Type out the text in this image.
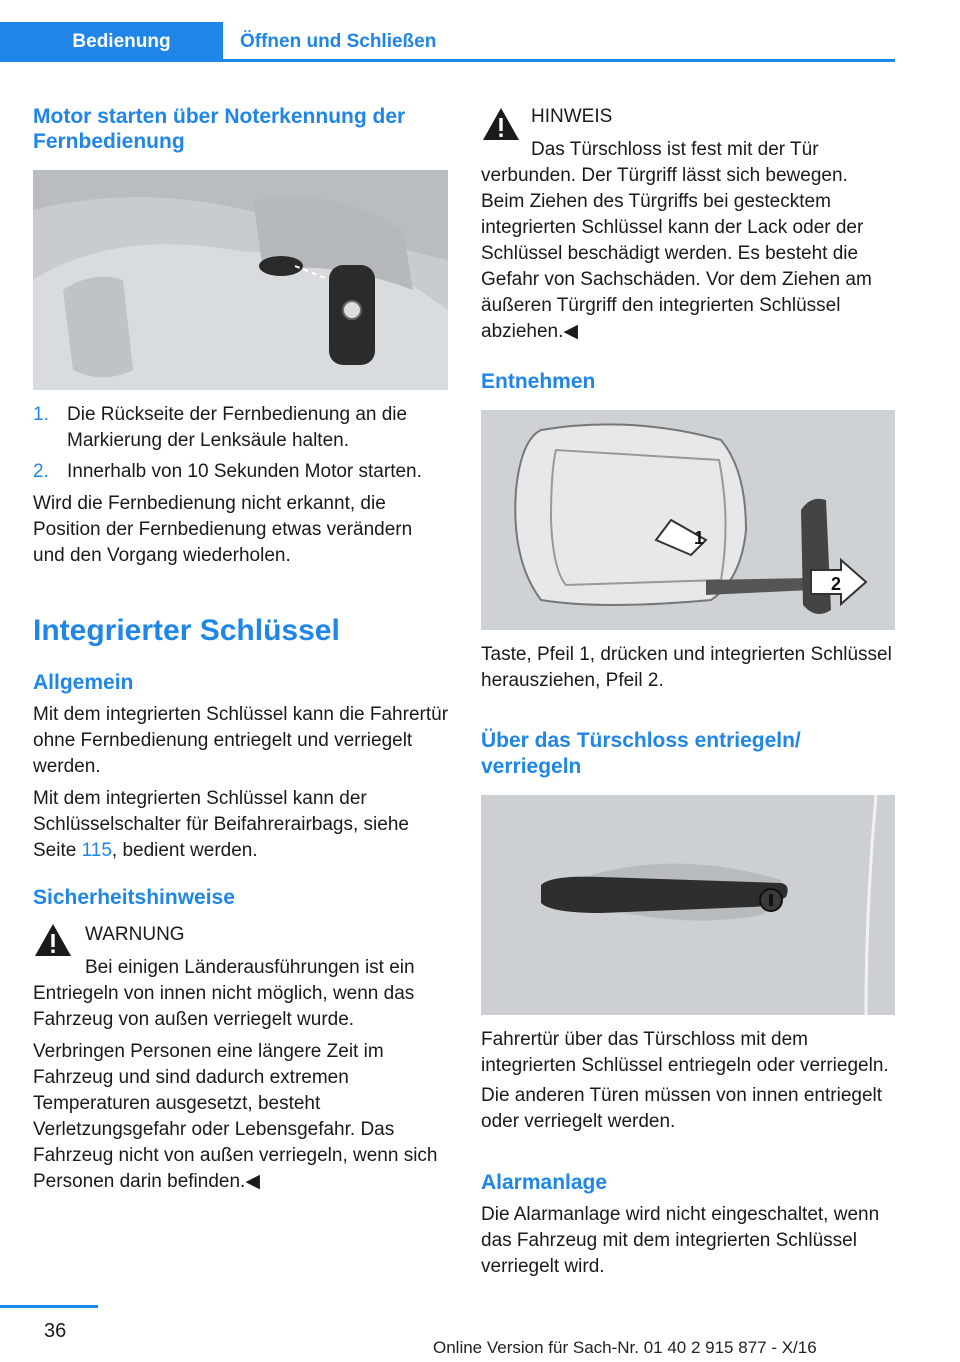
Bedienung	Öffnen und Schließen
Motor starten über Noterkennung der Fernbedienung
1. Die Rückseite der Fernbedienung an die Markierung der Lenksäule halten.
2. Innerhalb von 10 Sekunden Motor starten.

Wird die Fernbedienung nicht erkannt, die Position der Fernbedienung etwas verändern und den Vorgang wiederholen.

Integrierter Schlüssel
Allgemein

Mit dem integrierten Schlüssel kann die Fahrertür ohne Fernbedienung entriegelt und verriegelt werden.

Mit dem integrierten Schlüssel kann der Schlüsselschalter für Beifahrerairbags, siehe Seite 115, bedient werden.

Sicherheitshinweise

WARNUNG

Bei einigen Länderausführungen ist ein Entriegeln von innen nicht möglich, wenn das Fahrzeug von außen verriegelt wurde.

Verbringen Personen eine längere Zeit im Fahrzeug und sind dadurch extremen Temperaturen ausgesetzt, besteht Verletzungsgefahr oder Lebensgefahr. Das Fahrzeug nicht von außen verriegeln, wenn sich Personen darin befinden.◀

HINWEIS

Das Türschloss ist fest mit der Tür verbunden. Der Türgriff lässt sich bewegen. Beim Ziehen des Türgriffs bei gestecktem integrierten Schlüssel kann der Lack oder der Schlüssel beschädigt werden. Es besteht die Gefahr von Sachschäden. Vor dem Ziehen am äußeren Türgriff den integrierten Schlüssel abziehen.◀

Entnehmen
1
2

Taste, Pfeil 1, drücken und integrierten Schlüssel herausziehen, Pfeil 2.

Über das Türschloss entriegeln/ verriegeln

Fahrertür über das Türschloss mit dem integrierten Schlüssel entriegeln oder verriegeln.

Die anderen Türen müssen von innen entriegelt oder verriegelt werden.

Alarmanlage

Die Alarmanlage wird nicht eingeschaltet, wenn das Fahrzeug mit dem integrierten Schlüssel verriegelt wird.

36
Online Version für Sach-Nr. 01 40 2 915 877 - X/16
